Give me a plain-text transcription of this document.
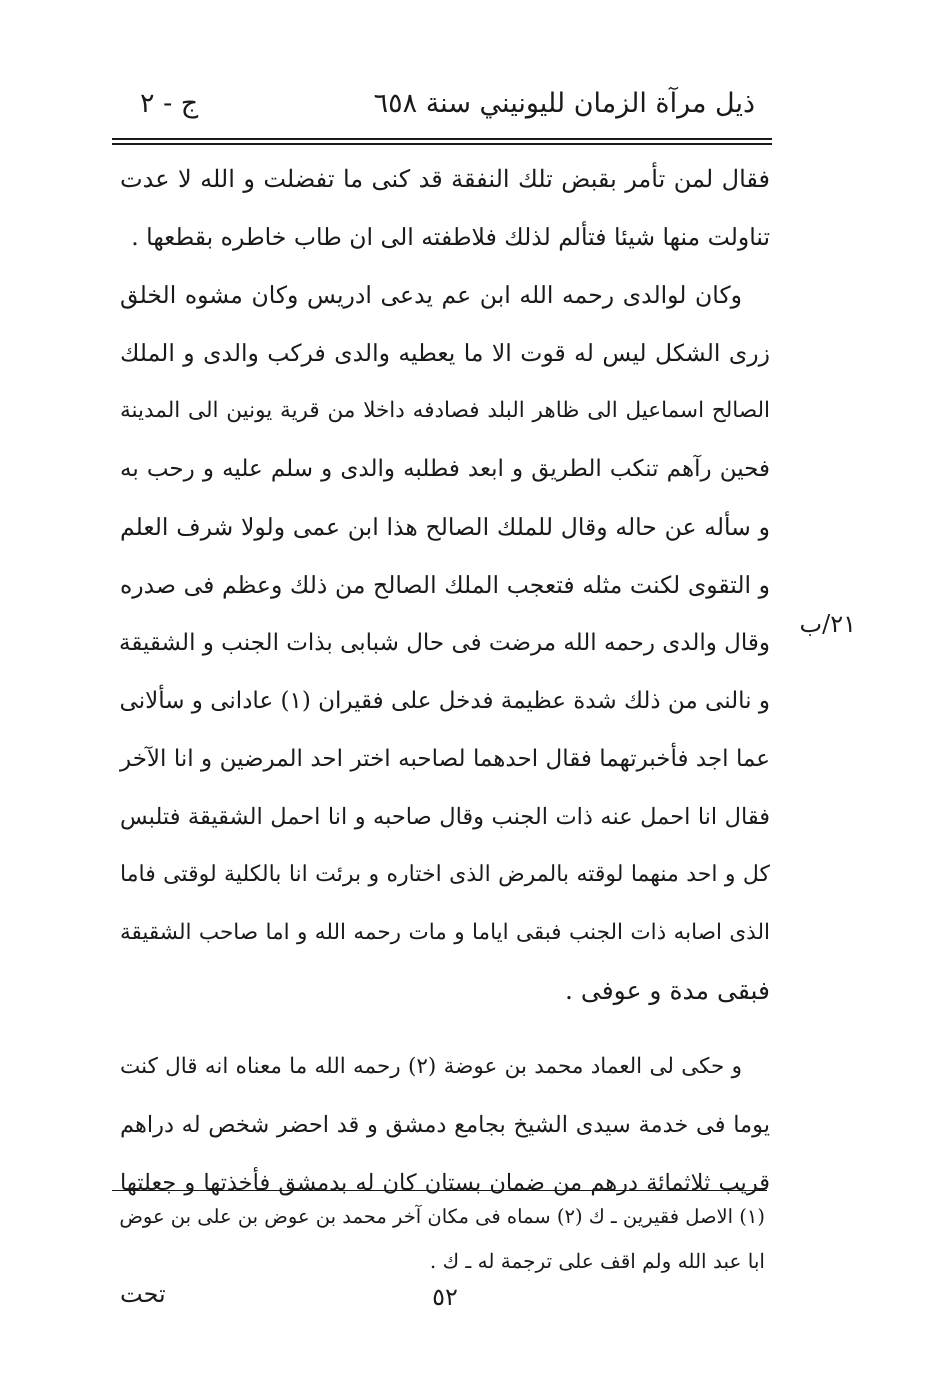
ذيل مرآة الزمان لليونيني سنة ٦٥٨
ج - ٢
٢١/ب
فقال لمن تأمر بقبض تلك النفقة قد كنى ما تفضلت و الله لا عدت
تناولت منها شيئا فتألم لذلك فلاطفته الى ان طاب خاطره بقطعها .
وكان لوالدى رحمه الله ابن عم يدعى ادريس وكان مشوه الخلق
زرى الشكل ليس له قوت الا ما يعطيه والدى فركب والدى و الملك
الصالح اسماعيل الى ظاهر البلد فصادفه داخلا من قرية يونين الى المدينة
فحين رآهم تنكب الطريق و ابعد فطلبه والدى و سلم عليه و رحب به
و سأله عن حاله وقال للملك الصالح هذا ابن عمى ولولا شرف العلم
و التقوى لكنت مثله فتعجب الملك الصالح من ذلك وعظم فى صدره
وقال والدى رحمه الله مرضت فى حال شبابى بذات الجنب و الشقيقة
و نالنى من ذلك شدة عظيمة فدخل على فقيران (١) عادانى و سألانى
عما اجد فأخبرتهما فقال احدهما لصاحبه اختر احد المرضين و انا الآخر
فقال انا احمل عنه ذات الجنب وقال صاحبه و انا احمل الشقيقة فتلبس
كل و احد منهما لوقته بالمرض الذى اختاره و برئت انا بالكلية لوقتى فاما
الذى اصابه ذات الجنب فبقى اياما و مات رحمه الله و اما صاحب الشقيقة
فبقى مدة و عوفى .
و حكى لى العماد محمد بن عوضة (٢) رحمه الله ما معناه انه قال كنت
يوما فى خدمة سيدى الشيخ بجامع دمشق و قد احضر شخص له دراهم
قريب ثلاثمائة درهم من ضمان بستان كان له بدمشق فأخذتها و جعلتها
(١) الاصل فقيرين ـ ك (٢) سماه فى مكان آخر محمد بن عوض بن على بن عوض
ابا عبد الله ولم اقف على ترجمة له ـ ك .
٥٢
تحت
